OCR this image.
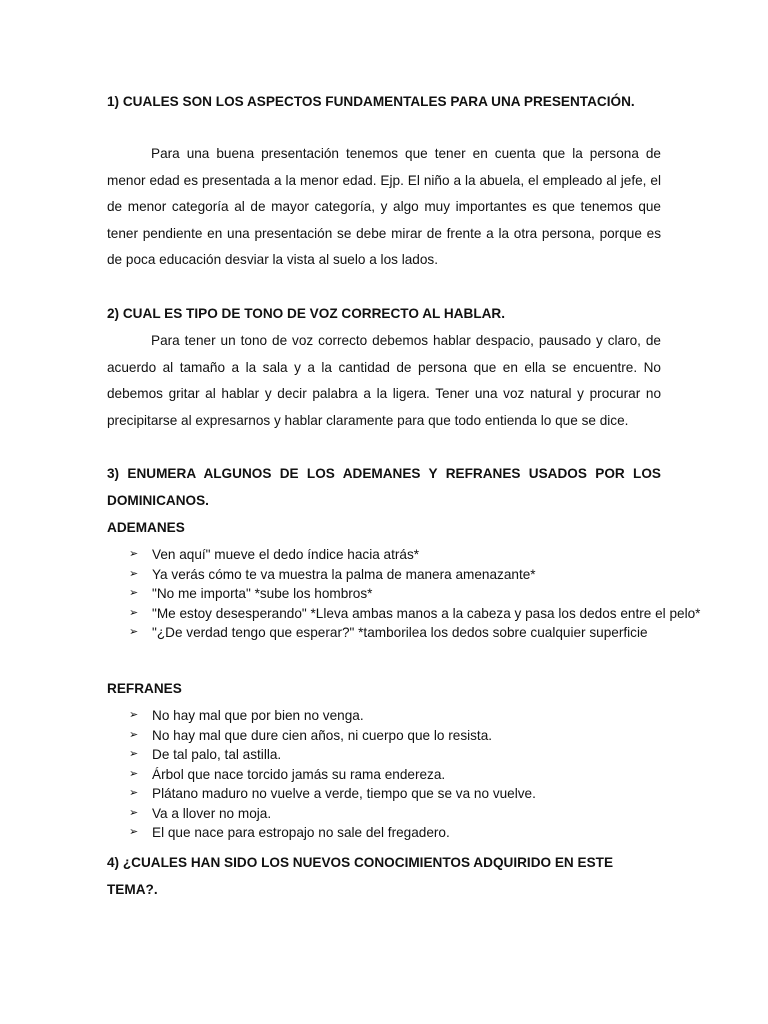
1) CUALES SON LOS ASPECTOS FUNDAMENTALES PARA UNA PRESENTACIÓN.

Para una buena presentación tenemos que tener en cuenta que la persona de menor edad es presentada a la menor edad. Ejp. El niño a la abuela, el empleado al jefe, el de menor categoría al de mayor categoría, y algo muy importantes es que tenemos que tener pendiente en una presentación se debe mirar de frente a la otra persona, porque es de poca educación desviar la vista al suelo a los lados.

2) CUAL ES TIPO DE TONO DE VOZ CORRECTO AL HABLAR.

Para tener un tono de voz correcto debemos hablar despacio, pausado y claro, de acuerdo al tamaño a la sala y a la cantidad de persona que en ella se encuentre. No debemos gritar al hablar y decir palabra a la ligera. Tener una voz natural y procurar no precipitarse al expresarnos y hablar claramente para que todo entienda lo que se dice.

3) ENUMERA ALGUNOS DE LOS ADEMANES Y REFRANES USADOS POR LOS DOMINICANOS.

ADEMANES

➢ Ven aquí" mueve el dedo índice hacia atrás*
➢ Ya verás cómo te va muestra la palma de manera amenazante*
➢ "No me importa" *sube los hombros*
➢ "Me estoy desesperando" *Lleva ambas manos a la cabeza y pasa los dedos entre el pelo*
➢ "¿De verdad tengo que esperar?" *tamborilea los dedos sobre cualquier superficie

REFRANES

➢ No hay mal que por bien no venga.
➢ No hay mal que dure cien años, ni cuerpo que lo resista.
➢ De tal palo, tal astilla.
➢ Árbol que nace torcido jamás su rama endereza.
➢ Plátano maduro no vuelve a verde, tiempo que se va no vuelve.
➢ Va a llover no moja.
➢ El que nace para estropajo no sale del fregadero.

4) ¿CUALES HAN SIDO LOS NUEVOS CONOCIMIENTOS ADQUIRIDO EN ESTE TEMA?.
